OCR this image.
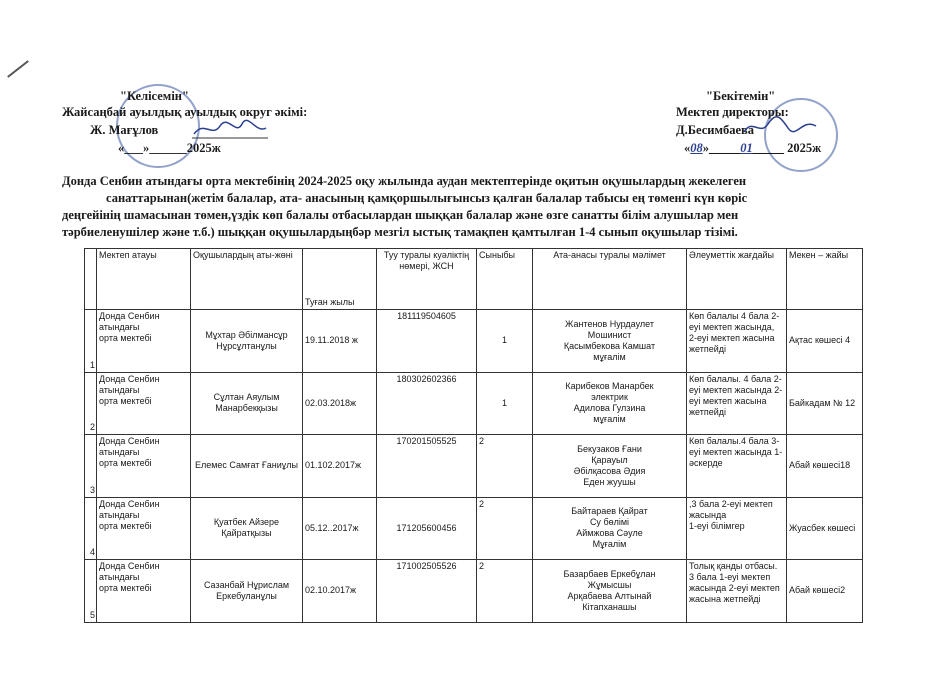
"Келісемін"
Жайсаңбай ауылдық ауылдық округ әкімі:
Ж. Мағұлов
«___»______2025ж
"Бекітемін"
Мектеп директоры:
Д.Бесимбаева
«08»_____01_____ 2025ж
Донда Сенбин атындағы орта мектебінің 2024-2025 оқу жылында аудан мектептерінде оқитын оқушылардың жекелеген
санаттарынан(жетім балалар, ата- анасының қамқоршылығынсыз қалған балалар табысы ең төменгі күн көріс
деңгейінің шамасынан төмен,үздік көп балалы отбасылардан шыққан балалар және өзге санатты білім алушылар мен
тәрбиеленушілер және т.б.) шыққан оқушылардыңбәр мезгіл ыстық тамақпен қамтылған 1-4 сынып оқушылар тізімі.
	Мектеп атауы	Оқушылардың аты-жөні	Туған жылы	Туу туралы куәлiктiң нөмерi, ЖСН	Сыныбы	Ата-анасы туралы мәлімет	Әлеуметтік жағдайы	Мекен – жайы
1	Донда Сенбин атындағы
орта мектебі	Мұхтар Әбілмансұр Нұрсұлтанұлы	19.11.2018 ж	181119504605	1	Жантенов Нурдаулет
Мошинист
Қасымбекова Камшат
мұғалім	Көп балалы 4 бала 2-еуі мектеп жасында, 2-еуі мектеп жасына жетпейді	Ақтас көшесі 4
2	Донда Сенбин атындағы
орта мектебі	Сұлтан Аяулым Манарбекқызы	02.03.2018ж	180302602366	1	Карибеков Манарбек
электрик
Адилова Гулзина
мұғалім	Көп балалы. 4 бала 2-еуі мектеп жасында 2-еуі мектеп жасына жетпейді	Байкадам № 12
3	Донда Сенбин атындағы
орта мектебі	Елемес Самғат Ғаниұлы	01.102.2017ж	170201505525	2	Бекузаков Ғани
Қарауыл
Әбілқасова Әдия
Еден жуушы	Көп балалы.4 бала 3-еуі мектеп жасында 1-әскерде	Абай көшесі18
4	Донда Сенбин атындағы
орта мектебі	Қуатбек Айзере Қайратқызы	05.12..2017ж	171205600456	2	Байтараев Қайрат
Су бөлімі
Аймжова Сәуле
Мұғалім	,3 бала 2-еуі мектеп жасында
1-еуі білімгер	Жуасбек көшесі
5	Донда Сенбин атындағы
орта мектебі	Сазанбай Нұрислам Еркебуланұлы	02.10.2017ж	171002505526	2	Базарбаев Еркебұлан
Жұмысшы
Арқабаева Алтынай
Кітапханашы	Толық қанды отбасы.
3 бала 1-еуі мектеп жасында 2-еуі мектеп жасына жетпейді	Абай көшесі2
